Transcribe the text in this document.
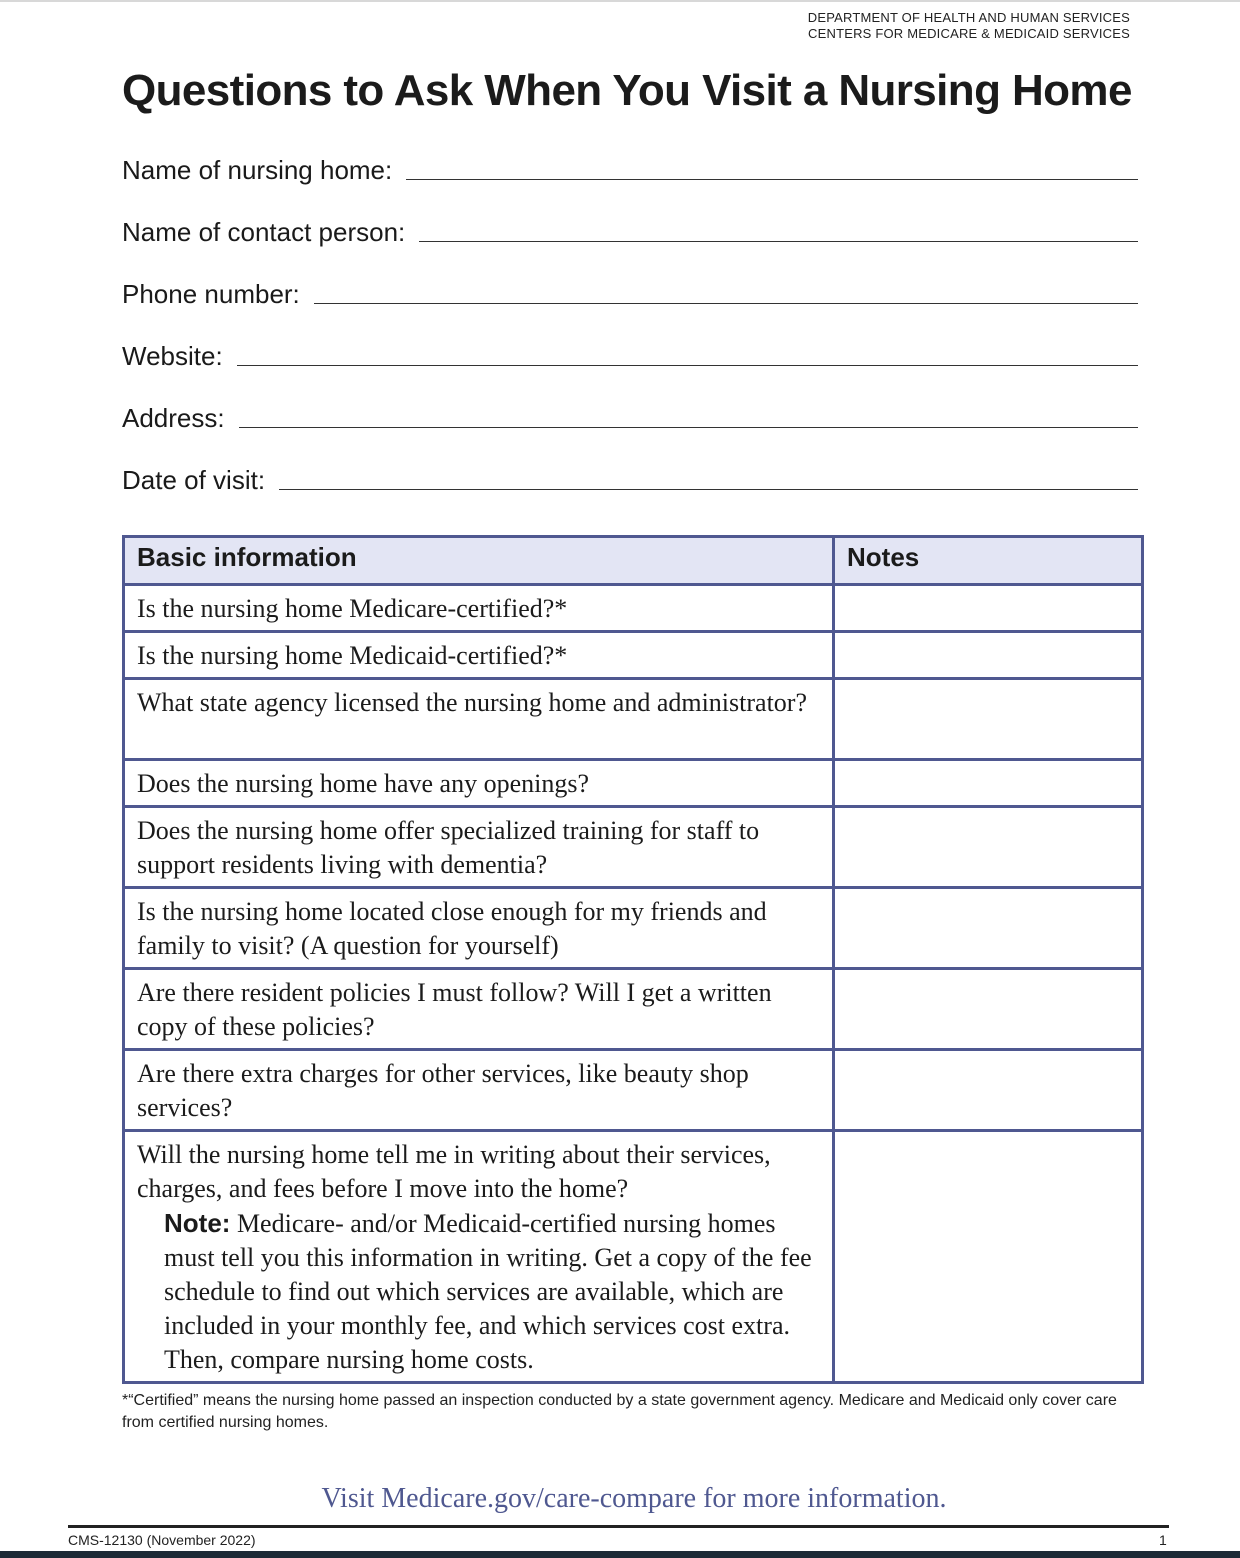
DEPARTMENT OF HEALTH AND HUMAN SERVICES
CENTERS FOR MEDICARE & MEDICAID SERVICES
Questions to Ask When You Visit a Nursing Home
Name of nursing home:
Name of contact person:
Phone number:
Website:
Address:
Date of visit:
Basic information	Notes
Is the nursing home Medicare-certified?*	
Is the nursing home Medicaid-certified?*	
What state agency licensed the nursing home and administrator?	
Does the nursing home have any openings?	
Does the nursing home offer specialized training for staff to support residents living with dementia?	
Is the nursing home located close enough for my friends and family to visit? (A question for yourself)	
Are there resident policies I must follow? Will I get a written copy of these policies?	
Are there extra charges for other services, like beauty shop services?	

Will the nursing home tell me in writing about their services, charges, and fees before I move into the home?
Note: Medicare- and/or Medicaid-certified nursing homes must tell you this information in writing. Get a copy of the fee schedule to find out which services are available, which are included in your monthly fee, and which services cost extra. Then, compare nursing home costs.	

*“Certified” means the nursing home passed an inspection conducted by a state government agency. Medicare and Medicaid only cover care from certified nursing homes.
Visit Medicare.gov/care-compare for more information.
CMS-12130 (November 2022)	1
